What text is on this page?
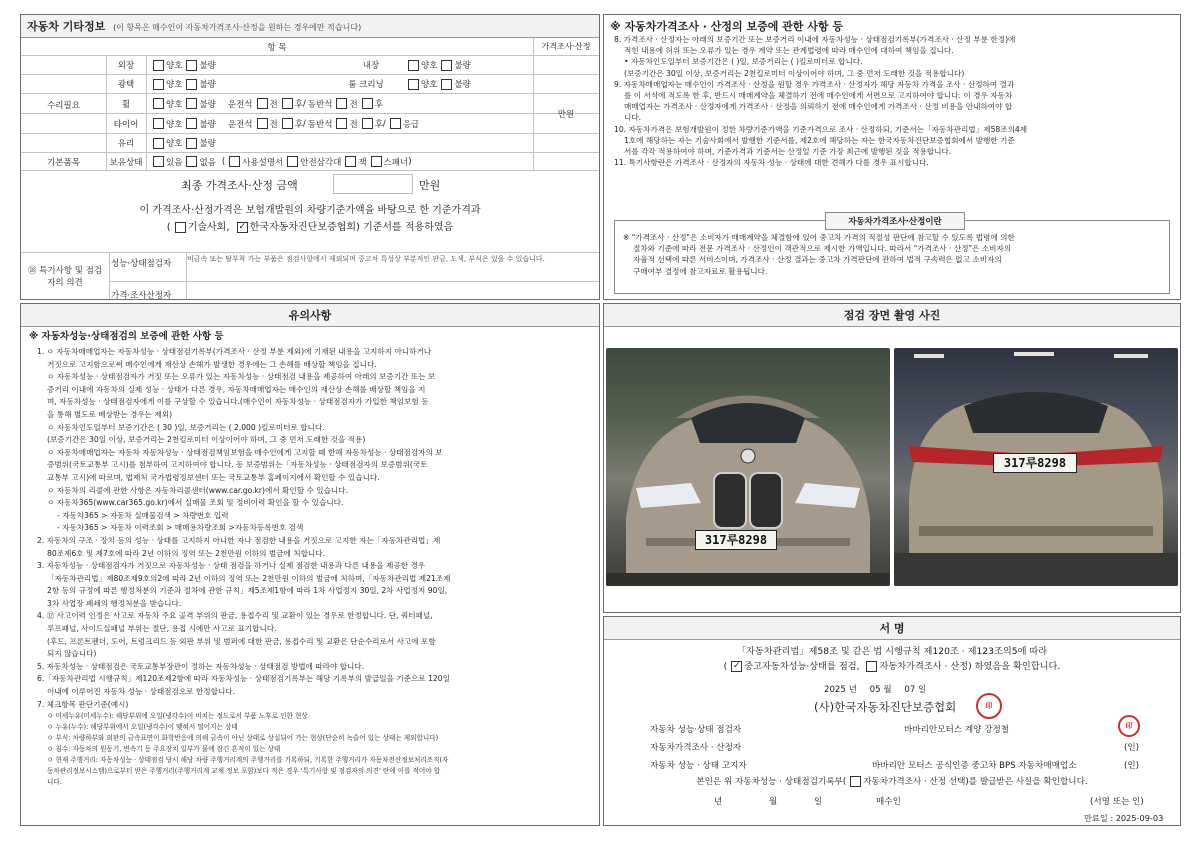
자동차 기타정보 (이 항목은 매수인이 자동차가격조사·산정을 원하는 경우에만 적습니다)
항 목	가격조사·산정
외장	양호 불량	내장	양호 불량
광택	양호 불량	룸 크리닝	양호 불량
휠	양호 불량 운전석 전 후 / 동반석 전 후
타이어	양호 불량 운전석 전 후 / 동반석 전 후 / 응급
유리	양호 불량
수리필요
만원
기본품목	보유상태	있음 없음 ( 사용설명서 안전삼각대 잭 스패너 )
최종 가격조사·산정 금액	만원
이 가격조사·산정가격은 보험개발원의 차량기준가액을 바탕으로 한 기준가격과
( 기술사회, ✓ 한국자동차진단보증협회) 기준서를 적용하였음
⑱ 특기사항 및 점검자의 의견
성능·상태점검자	비금속 또는 탈부착 가능 부품은 점검사항에서 제외되며 중고차 특성상 부분적인 판금, 도색, 부식은 있을 수 있습니다.
가격·조사산정자
※ 자동차가격조사 · 산정의 보증에 관한 사항 등

8. 가격조사 · 산정자는 아래의 보증기간 또는 보증거리 이내에 자동차성능 · 상태점검기록부(가격조사 · 산정 부분 한정)에

적힌 내용에 허위 또는 오류가 있는 경우 계약 또는 관계법령에 따라 매수인에 대하여 책임을 집니다.

• 자동차인도일부터 보증기간은 ( )일, 보증거리는 ( )킬로미터로 합니다.

(보증기간은 30일 이상, 보증거리는 2천킬로미터 이상이어야 하며, 그 중 먼저 도래한 것을 적용합니다)

9. 자동차매매업자는 매수인이 가격조사 · 산정을 원할 경우 가격조사 · 산정자가 해당 자동차 가격을 조사 · 산정하여 결과

를 이 서식에 적도록 한 후, 반드시 매매계약을 체결하기 전에 매수인에게 서면으로 고지하여야 합니다. 이 경우 자동차

매매업자는 가격조사 · 산정자에게 가격조사 · 산정을 의뢰하기 전에 매수인에게 가격조사 · 산정 비용을 안내하여야 합

니다.

10. 자동차가격은 보험개발원이 정한 차량기준가액을 기준가격으로 조사 · 산정하되, 기준서는「자동차관리법」제58조의4제

1호에 해당하는 자는 기술사회에서 발행한 기준서를, 제2호에 해당하는 자는 한국자동차진단보증협회에서 발행한 기준

서를 각각 적용하여야 하며, 기준가격과 기준서는 산정일 기준 가장 최근에 발행된 것을 적용합니다.

11. 특기사항란은 가격조사 · 산정자의 자동차 성능 · 상태에 대한 견해가 다를 경우 표시합니다.

자동차가격조사·산정이란

※ "가격조사 · 산정"은 소비자가 매매계약을 체결함에 있어 중고차 가격의 적절성 판단에 참고할 수 있도록 법령에 의한

절차와 기준에 따라 전문 가격조사 · 산정인이 객관적으로 제시한 가액입니다. 따라서 "가격조사 · 산정"은 소비자의

자율적 선택에 따른 서비스이며, 가격조사 · 산정 결과는 중고차 가격판단에 관하여 법적 구속력은 없고 소비자의

구매여부 결정에 참고자료로 활용됩니다.

유의사항
※ 자동차성능·상태점검의 보증에 관한 사항 등

1. ㅇ 자동차매매업자는 자동차성능 · 상태점검기록부(가격조사 · 산정 부분 제외)에 기재된 내용을 고지하지 아니하거나

거짓으로 고지함으로써 매수인에게 재산상 손해가 발생한 경우에는 그 손해를 배상할 책임을 집니다.

ㅇ 자동차성능 · 상태점검자가 거짓 또는 오류가 있는 자동차성능 · 상태점검 내용을 제공하여 아래의 보증기간 또는 보

증거리 이내에 자동차의 실제 성능 · 상태가 다른 경우, 자동차매매업자는 매수인의 재산상 손해를 배상할 책임을 지

며, 자동차성능 · 상태점검자에게 이를 구상할 수 있습니다.(매수인이 자동차성능 · 상태점검자가 가입한 책임보험 등

을 통해 별도로 배상받는 경우는 제외)

ㅇ 자동차인도일부터 보증기간은 ( 30 )일, 보증거리는 ( 2,000 )킬로미터로 합니다.

(보증기간은 30일 이상, 보증거리는 2천킬로미터 이상이어야 하며, 그 중 먼저 도래한 것을 적용)

ㅇ 자동차매매업자는 자동차 자동차성능 · 상태점검책임보험을 매수인에게 고지할 때 한해 자동차성능 · 상태점검자의 보

증범위(국토교통부 고시)를 첨부하여 고지하여야 합니다. 동 보증범위는「자동차성능 · 상태점검자의 보증범위(국토

교통부 고시)에 따르며, 법제처 국가법령정보센터 또는 국토교통부 홈페이지에서 확인할 수 있습니다.

ㅇ 자동차의 리콜에 관한 사항은 자동차리콜센터(www.car.go.kr)에서 확인할 수 있습니다.

ㅇ 자동차365(www.car365.go.kr)에서 실매물 조회 및 정비이력 확인을 할 수 있습니다.

- 자동차365 > 자동차 실매물검색 > 차량번호 입력

- 자동차365 > 자동차 이력조회 > 매매용차량조회 >자동차등록번호 검색

2. 자동차의 구조 · 장치 등의 성능 · 상태를 고지하지 아니한 자나 점검한 내용을 거짓으로 고지한 자는「자동차관리법」제

80조제6호 및 제7호에 따라 2년 이하의 징역 또는 2천만원 이하의 벌금에 처합니다.

3. 자동차성능 · 상태점검자가 거짓으로 자동차성능 · 상태 점검을 하거나 실제 점검한 내용과 다른 내용을 제공한 경우

「자동차관리법」제80조제9호의2에 따라 2년 이하의 징역 또는 2천만원 이하의 벌금에 처하며,「자동차관리법 제21조제

2항 등의 규정에 따른 행정처분의 기준과 절차에 관한 규칙」제5조제1항에 따라 1차 사업정지 30일, 2차 사업정지 90일,

3차 사업장 폐쇄의 행정처분을 받습니다.

4. ⑫ 사고이력 인정은 사고로 자동차 주요 골격 부위의 판금, 용접수리 및 교환이 있는 경우로 한정합니다. 단, 쿼터패널,

루프패널, 사이드실패널 부위는 절단, 용접 시에만 사고로 표기합니다.

(후드, 프론트펜더, 도어, 트렁크리드 등 외판 부위 및 범퍼에 대한 판금, 용접수리 및 교환은 단순수리로서 사고에 포함

되지 않습니다)

5. 자동차성능 · 상태점검은 국토교통부장관이 정하는 자동차성능 · 상태점검 방법에 따라야 합니다.

6.「자동차관리법 시행규칙」제120조제2항에 따라 자동차성능 · 상태점검기록부는 해당 기록부의 발급일을 기준으로 120일

이내에 이루어진 자동차 성능 · 상태점검으로 한정합니다.

7. 체크항목 판단기준(예시)

ㅇ 미세누유(미세누수): 해당부위에 오일(냉각수)이 비치는 정도로서 부품 노후로 인한 현상

ㅇ 누유(누수): 해당부위에서 오일(냉각수)이 맺혀서 떨어지는 상태

ㅇ 부식: 차량하부와 외판의 금속표면이 화학반응에 의해 금속이 아닌 상태로 상실되어 가는 현상(단순히 녹슬어 있는 상태는 제외합니다)

ㅇ 침수: 자동차의 원동기, 변속기 등 주요장치 일부가 물에 잠긴 흔적이 있는 상태

ㅇ 현재 주행거리: 자동차성능 · 상태점검 당시 해당 차량 주행거리계의 주행거리를 기록하되, 기록한 주행거리가 자동차전산정보처리조직(자

동차관리정보시스템)으로부터 받은 주행거리(주행거리계 교체 정보 포함)보다 적은 경우 '특기사항 및 점검자의 의견' 란에 이를 적어야 합

니다.

점검 장면 촬영 사진
317루8298
317루8298
서 명
「자동차관리법」제58조 및 같은 법 시행규칙 제120조 · 제123조의5에 따라
( ✓ 중고자동차성능·상태를 점검, 자동차가격조사 · 산정) 하였음을 확인합니다.
2025 년 05 월 07 일
(사)한국자동차진단보증협회	印
자동차 성능·상태 점검자	바바리안모터스 계양 강정철	印
자동차가격조사 · 산정자	(인)
자동차 성능 · 상태 고지자	바바리안 모터스 공식인증 중고차 BPS 자동차매매업소	(인)
본인은 위 자동차성능 · 상태점검기록부( 자동차가격조사 · 산정 선택)를 발급받은 사실을 확인합니다.
년	월	일	매수인	(서명 또는 인)
만료일 : 2025-09-03
